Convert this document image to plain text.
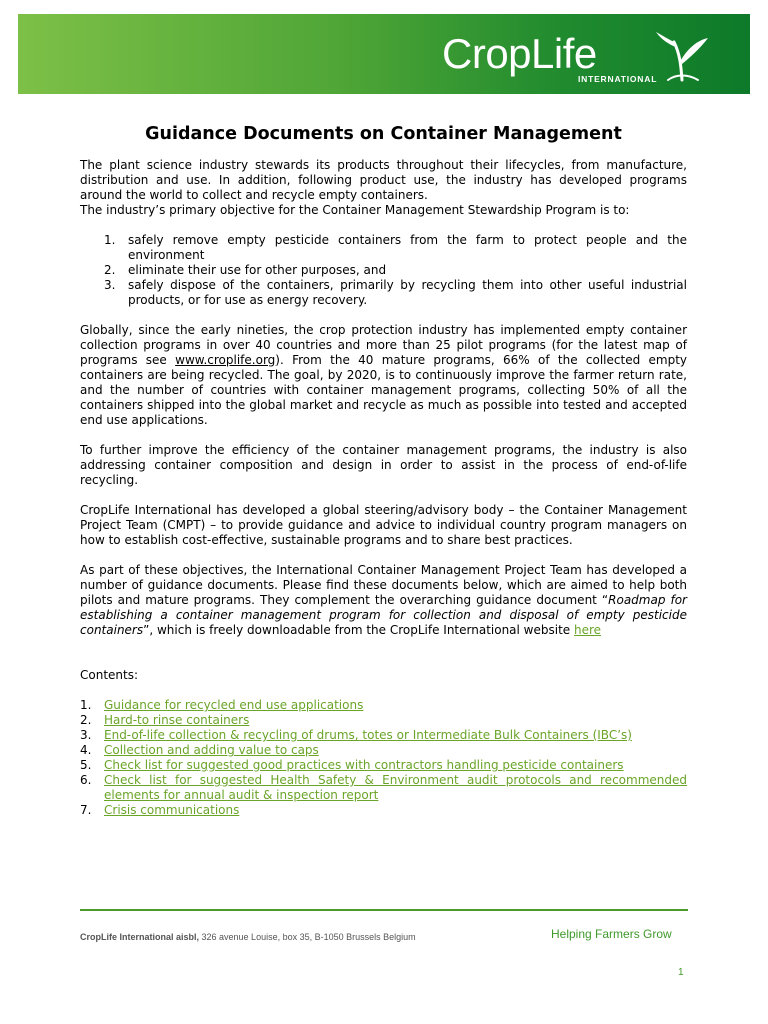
CropLife
INTERNATIONAL
Guidance Documents on Container Management

The plant science industry stewards its products throughout their lifecycles, from manufacture, distribution and use. In addition, following product use, the industry has developed programs around the world to collect and recycle empty containers.

The industry’s primary objective for the Container Management Stewardship Program is to:

1. safely remove empty pesticide containers from the farm to protect people and the environment
2. eliminate their use for other purposes, and
3. safely dispose of the containers, primarily by recycling them into other useful industrial products, or for use as energy recovery.

Globally, since the early nineties, the crop protection industry has implemented empty container collection programs in over 40 countries and more than 25 pilot programs (for the latest map of programs see www.croplife.org). From the 40 mature programs, 66% of the collected empty containers are being recycled. The goal, by 2020, is to continuously improve the farmer return rate, and the number of countries with container management programs, collecting 50% of all the containers shipped into the global market and recycle as much as possible into tested and accepted end use applications.

To further improve the efficiency of the container management programs, the industry is also addressing container composition and design in order to assist in the process of end-of-life recycling.

CropLife International has developed a global steering/advisory body – the Container Management Project Team (CMPT) – to provide guidance and advice to individual country program managers on how to establish cost-effective, sustainable programs and to share best practices.

As part of these objectives, the International Container Management Project Team has developed a number of guidance documents. Please find these documents below, which are aimed to help both pilots and mature programs. They complement the overarching guidance document “Roadmap for establishing a container management program for collection and disposal of empty pesticide containers”, which is freely downloadable from the CropLife International website here

Contents:

1. Guidance for recycled end use applications
2. Hard-to rinse containers
3. End-of-life collection & recycling of drums, totes or Intermediate Bulk Containers (IBC’s)
4. Collection and adding value to caps
5. Check list for suggested good practices with contractors handling pesticide containers
6. Check list for suggested Health Safety & Environment audit protocols and recommended elements for annual audit & inspection report
7. Crisis communications
CropLife International aisbl, 326 avenue Louise, box 35, B-1050 Brussels Belgium	Helping Farmers Grow
1
